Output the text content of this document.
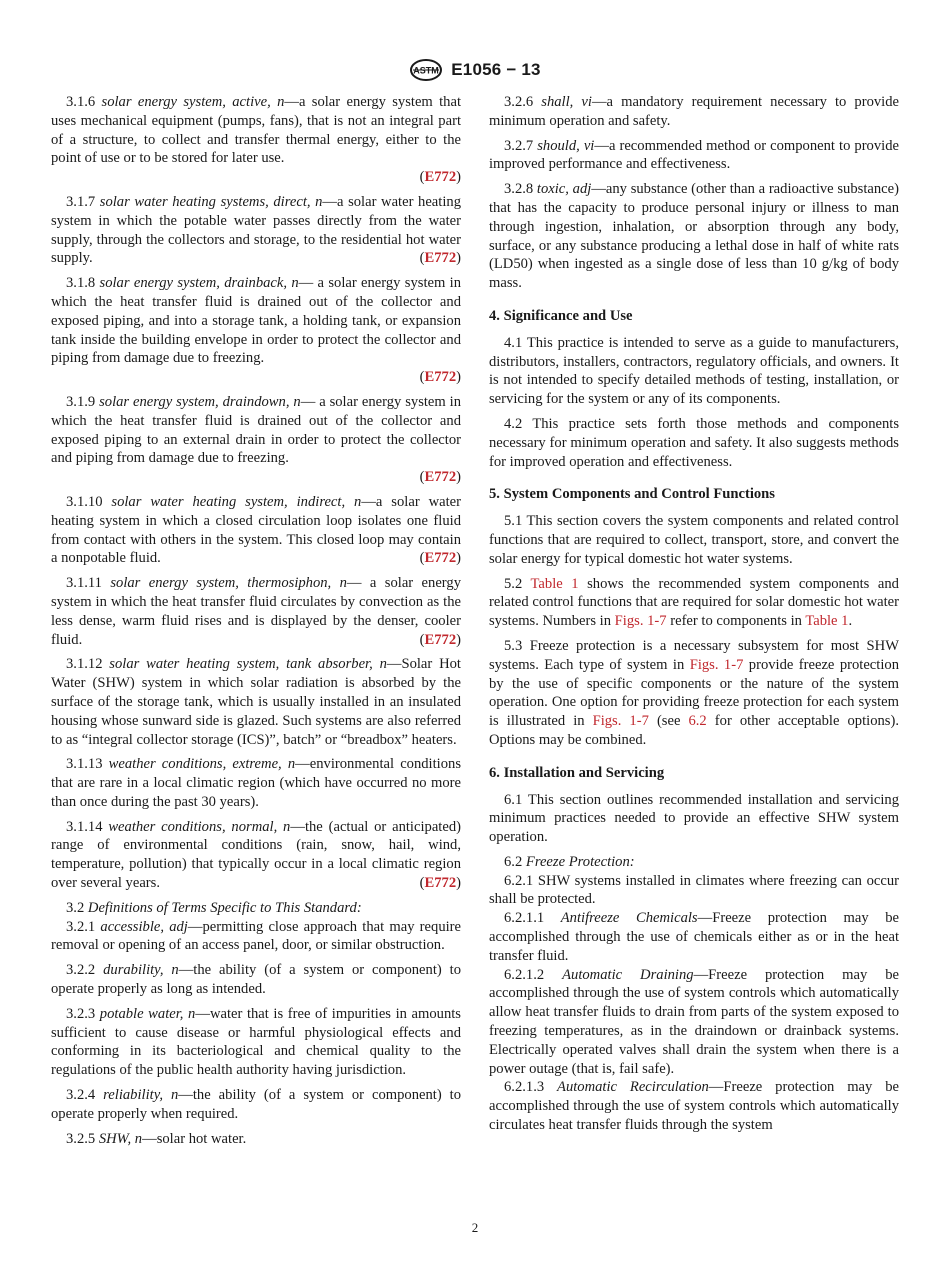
ASTM E1056 − 13

3.1.6 solar energy system, active, n—a solar energy system that uses mechanical equipment (pumps, fans), that is not an integral part of a structure, to collect and transfer thermal energy, either to the point of use or to be stored for later use.

(E772)

3.1.7 solar water heating systems, direct, n—a solar water heating system in which the potable water passes directly from the water supply, through the collectors and storage, to the residential hot water supply.	(E772)

3.1.8 solar energy system, drainback, n— a solar energy system in which the heat transfer fluid is drained out of the collector and exposed piping, and into a storage tank, a holding tank, or expansion tank inside the building envelope in order to protect the collector and piping from damage due to freezing.

(E772)

3.1.9 solar energy system, draindown, n— a solar energy system in which the heat transfer fluid is drained out of the collector and exposed piping to an external drain in order to protect the collector and piping from damage due to freezing.

(E772)

3.1.10 solar water heating system, indirect, n—a solar water heating system in which a closed circulation loop isolates one fluid from contact with others in the system. This closed loop may contain a nonpotable fluid.	(E772)

3.1.11 solar energy system, thermosiphon, n— a solar energy system in which the heat transfer fluid circulates by convection as the less dense, warm fluid rises and is displayed by the denser, cooler fluid.	(E772)

3.1.12 solar water heating system, tank absorber, n—Solar Hot Water (SHW) system in which solar radiation is absorbed by the surface of the storage tank, which is usually installed in an insulated housing whose sunward side is glazed. Such systems are also referred to as “integral collector storage (ICS)”, batch” or “breadbox” heaters.

3.1.13 weather conditions, extreme, n—environmental conditions that are rare in a local climatic region (which have occurred no more than once during the past 30 years).

3.1.14 weather conditions, normal, n—the (actual or anticipated) range of environmental conditions (rain, snow, hail, wind, temperature, pollution) that typically occur in a local climatic region over several years.	(E772)

3.2 Definitions of Terms Specific to This Standard:

3.2.1 accessible, adj—permitting close approach that may require removal or opening of an access panel, door, or similar obstruction.

3.2.2 durability, n—the ability (of a system or component) to operate properly as long as intended.

3.2.3 potable water, n—water that is free of impurities in amounts sufficient to cause disease or harmful physiological effects and conforming in its bacteriological and chemical quality to the regulations of the public health authority having jurisdiction.

3.2.4 reliability, n—the ability (of a system or component) to operate properly when required.

3.2.5 SHW, n—solar hot water.

3.2.6 shall, vi—a mandatory requirement necessary to provide minimum operation and safety.

3.2.7 should, vi—a recommended method or component to provide improved performance and effectiveness.

3.2.8 toxic, adj—any substance (other than a radioactive substance) that has the capacity to produce personal injury or illness to man through ingestion, inhalation, or absorption through any body, surface, or any substance producing a lethal dose in half of white rats (LD50) when ingested as a single dose of less than 10 g/kg of body mass.

4. Significance and Use

4.1 This practice is intended to serve as a guide to manufacturers, distributors, installers, contractors, regulatory officials, and owners. It is not intended to specify detailed methods of testing, installation, or servicing for the system or any of its components.

4.2 This practice sets forth those methods and components necessary for minimum operation and safety. It also suggests methods for improved operation and effectiveness.

5. System Components and Control Functions

5.1 This section covers the system components and related control functions that are required to collect, transport, store, and convert the solar energy for typical domestic hot water systems.

5.2 Table 1 shows the recommended system components and related control functions that are required for solar domestic hot water systems. Numbers in Figs. 1-7 refer to components in Table 1.

5.3 Freeze protection is a necessary subsystem for most SHW systems. Each type of system in Figs. 1-7 provide freeze protection by the use of specific components or the nature of the system operation. One option for providing freeze protection for each system is illustrated in Figs. 1-7 (see 6.2 for other acceptable options). Options may be combined.

6. Installation and Servicing

6.1 This section outlines recommended installation and servicing minimum practices needed to provide an effective SHW system operation.

6.2 Freeze Protection:

6.2.1 SHW systems installed in climates where freezing can occur shall be protected.

6.2.1.1 Antifreeze Chemicals—Freeze protection may be accomplished through the use of chemicals either as or in the heat transfer fluid.

6.2.1.2 Automatic Draining—Freeze protection may be accomplished through the use of system controls which automatically allow heat transfer fluids to drain from parts of the system exposed to freezing temperatures, as in the draindown or drainback systems. Electrically operated valves shall drain the system when there is a power outage (that is, fail safe).

6.2.1.3 Automatic Recirculation—Freeze protection may be accomplished through the use of system controls which automatically circulates heat transfer fluids through the system

2
